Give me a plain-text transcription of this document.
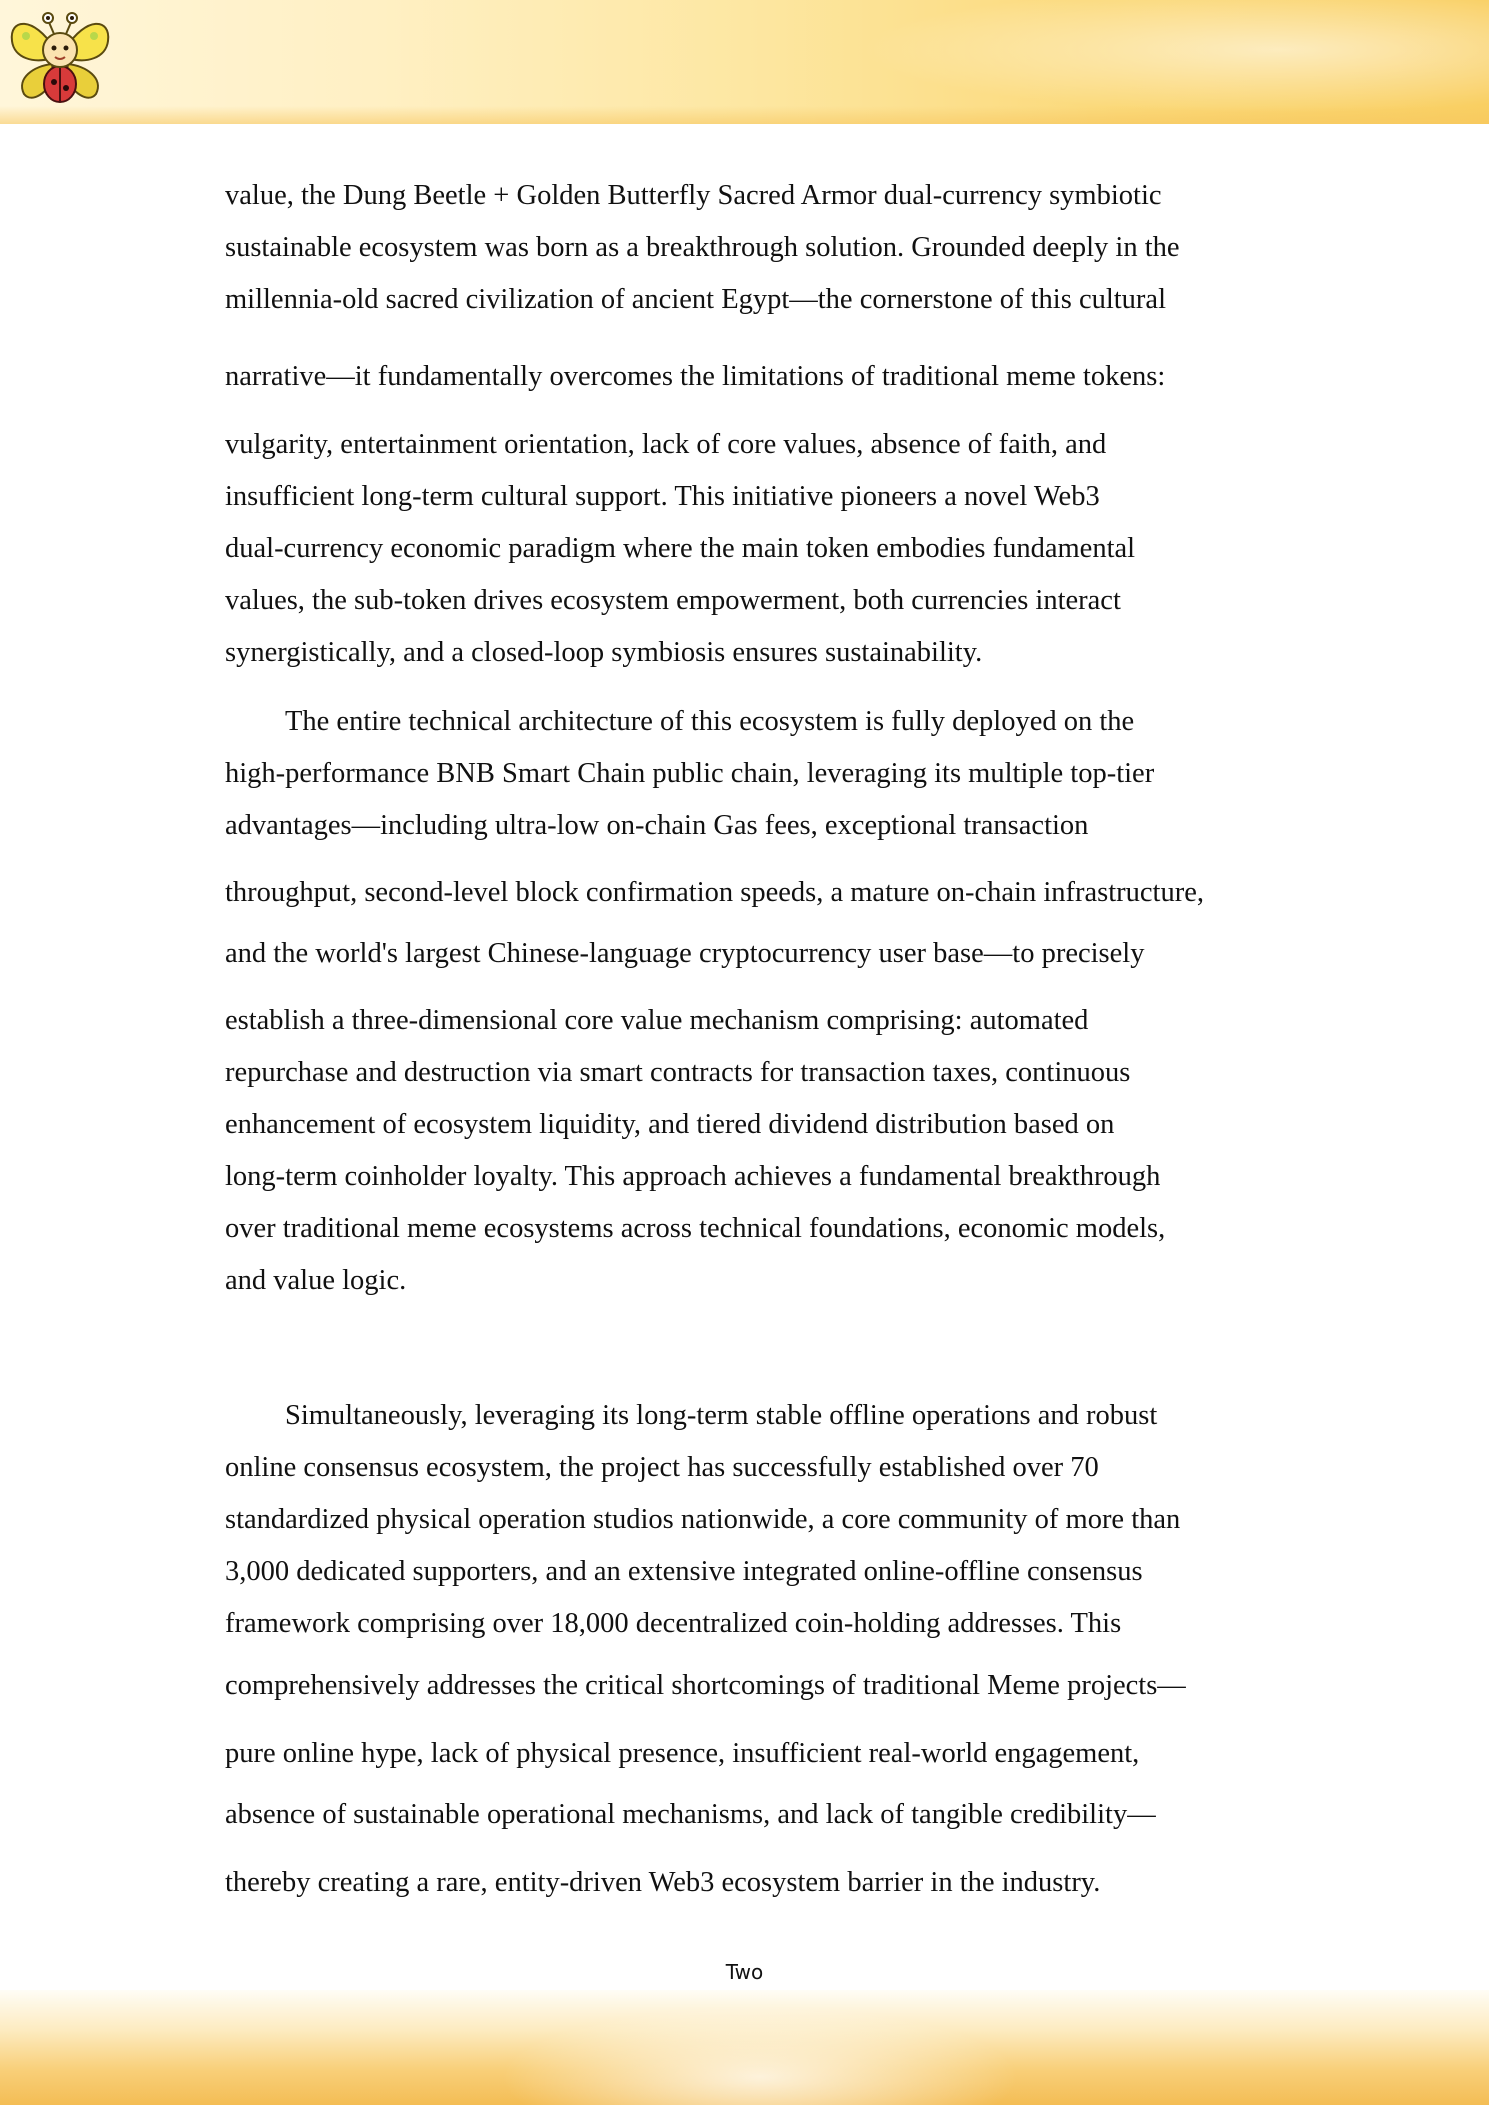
value, the Dung Beetle + Golden Butterfly Sacred Armor dual-currency symbiotic
sustainable ecosystem was born as a breakthrough solution. Grounded deeply in the
millennia-old sacred civilization of ancient Egypt—the cornerstone of this cultural
narrative—it fundamentally overcomes the limitations of traditional meme tokens:
vulgarity, entertainment orientation, lack of core values, absence of faith, and
insufficient long-term cultural support. This initiative pioneers a novel Web3
dual-currency economic paradigm where the main token embodies fundamental
values, the sub-token drives ecosystem empowerment, both currencies interact
synergistically, and a closed-loop symbiosis ensures sustainability.
The entire technical architecture of this ecosystem is fully deployed on the
high-performance BNB Smart Chain public chain, leveraging its multiple top-tier
advantages—including ultra-low on-chain Gas fees, exceptional transaction
throughput, second-level block confirmation speeds, a mature on-chain infrastructure,
and the world's largest Chinese-language cryptocurrency user base—to precisely
establish a three-dimensional core value mechanism comprising: automated
repurchase and destruction via smart contracts for transaction taxes, continuous
enhancement of ecosystem liquidity, and tiered dividend distribution based on
long-term coinholder loyalty. This approach achieves a fundamental breakthrough
over traditional meme ecosystems across technical foundations, economic models,
and value logic.
Simultaneously, leveraging its long-term stable offline operations and robust
online consensus ecosystem, the project has successfully established over 70
standardized physical operation studios nationwide, a core community of more than
3,000 dedicated supporters, and an extensive integrated online-offline consensus
framework comprising over 18,000 decentralized coin-holding addresses. This
comprehensively addresses the critical shortcomings of traditional Meme projects—
pure online hype, lack of physical presence, insufficient real-world engagement,
absence of sustainable operational mechanisms, and lack of tangible credibility—
thereby creating a rare, entity-driven Web3 ecosystem barrier in the industry.
Two
